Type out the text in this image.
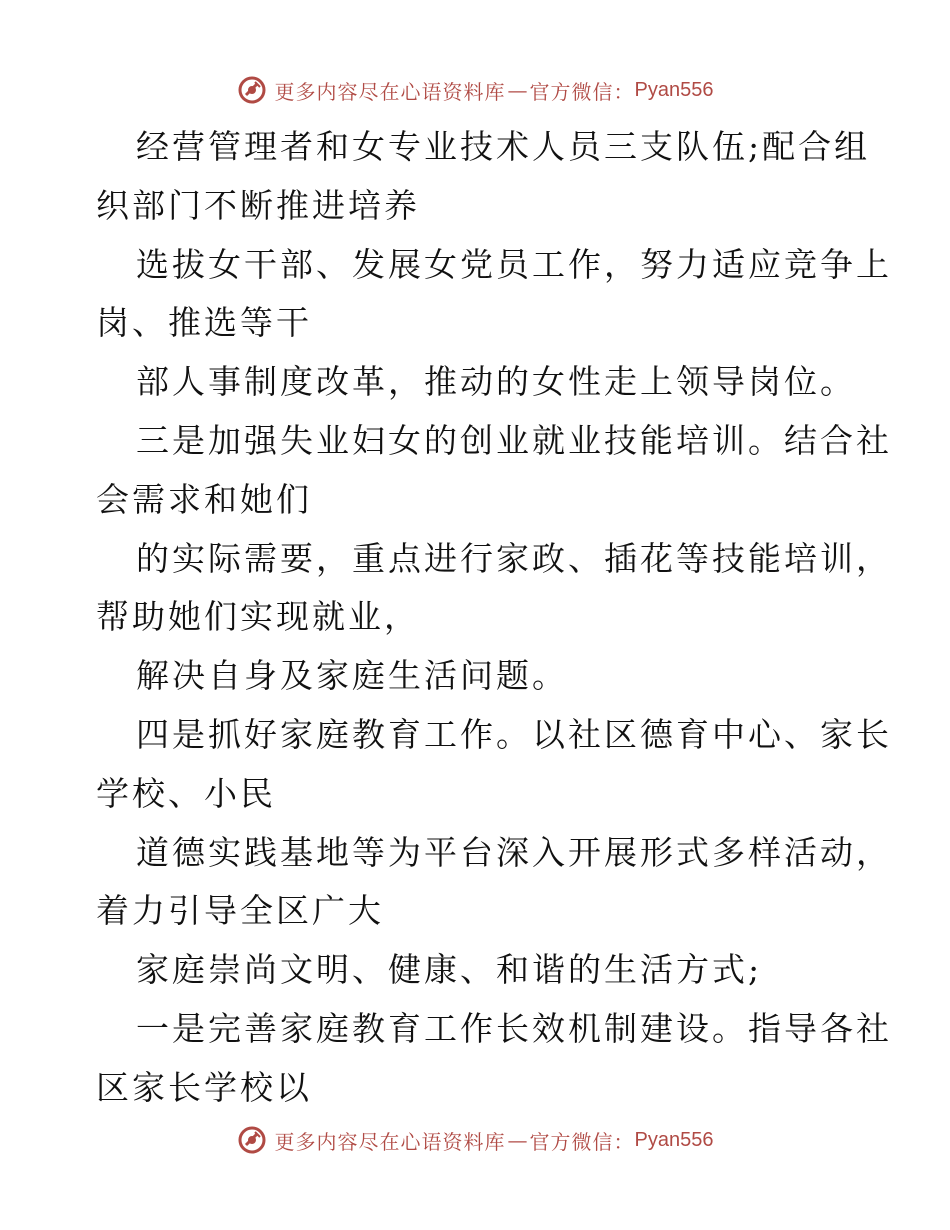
更多内容尽在心语资料库 — 官方微信： Pyan556
经营管理者和女专业技术人员三支队伍;配合组
织部门不断推进培养
选拔女干部、发展女党员工作，努力适应竞争上
岗、推选等干
部人事制度改革，推动的女性走上领导岗位。
三是加强失业妇女的创业就业技能培训。结合社
会需求和她们
的实际需要，重点进行家政、插花等技能培训，
帮助她们实现就业，
解决自身及家庭生活问题。
四是抓好家庭教育工作。以社区德育中心、家长
学校、小民
道德实践基地等为平台深入开展形式多样活动，
着力引导全区广大
家庭崇尚文明、健康、和谐的生活方式;
一是完善家庭教育工作长效机制建设。指导各社
区家长学校以
更多内容尽在心语资料库 — 官方微信： Pyan556
